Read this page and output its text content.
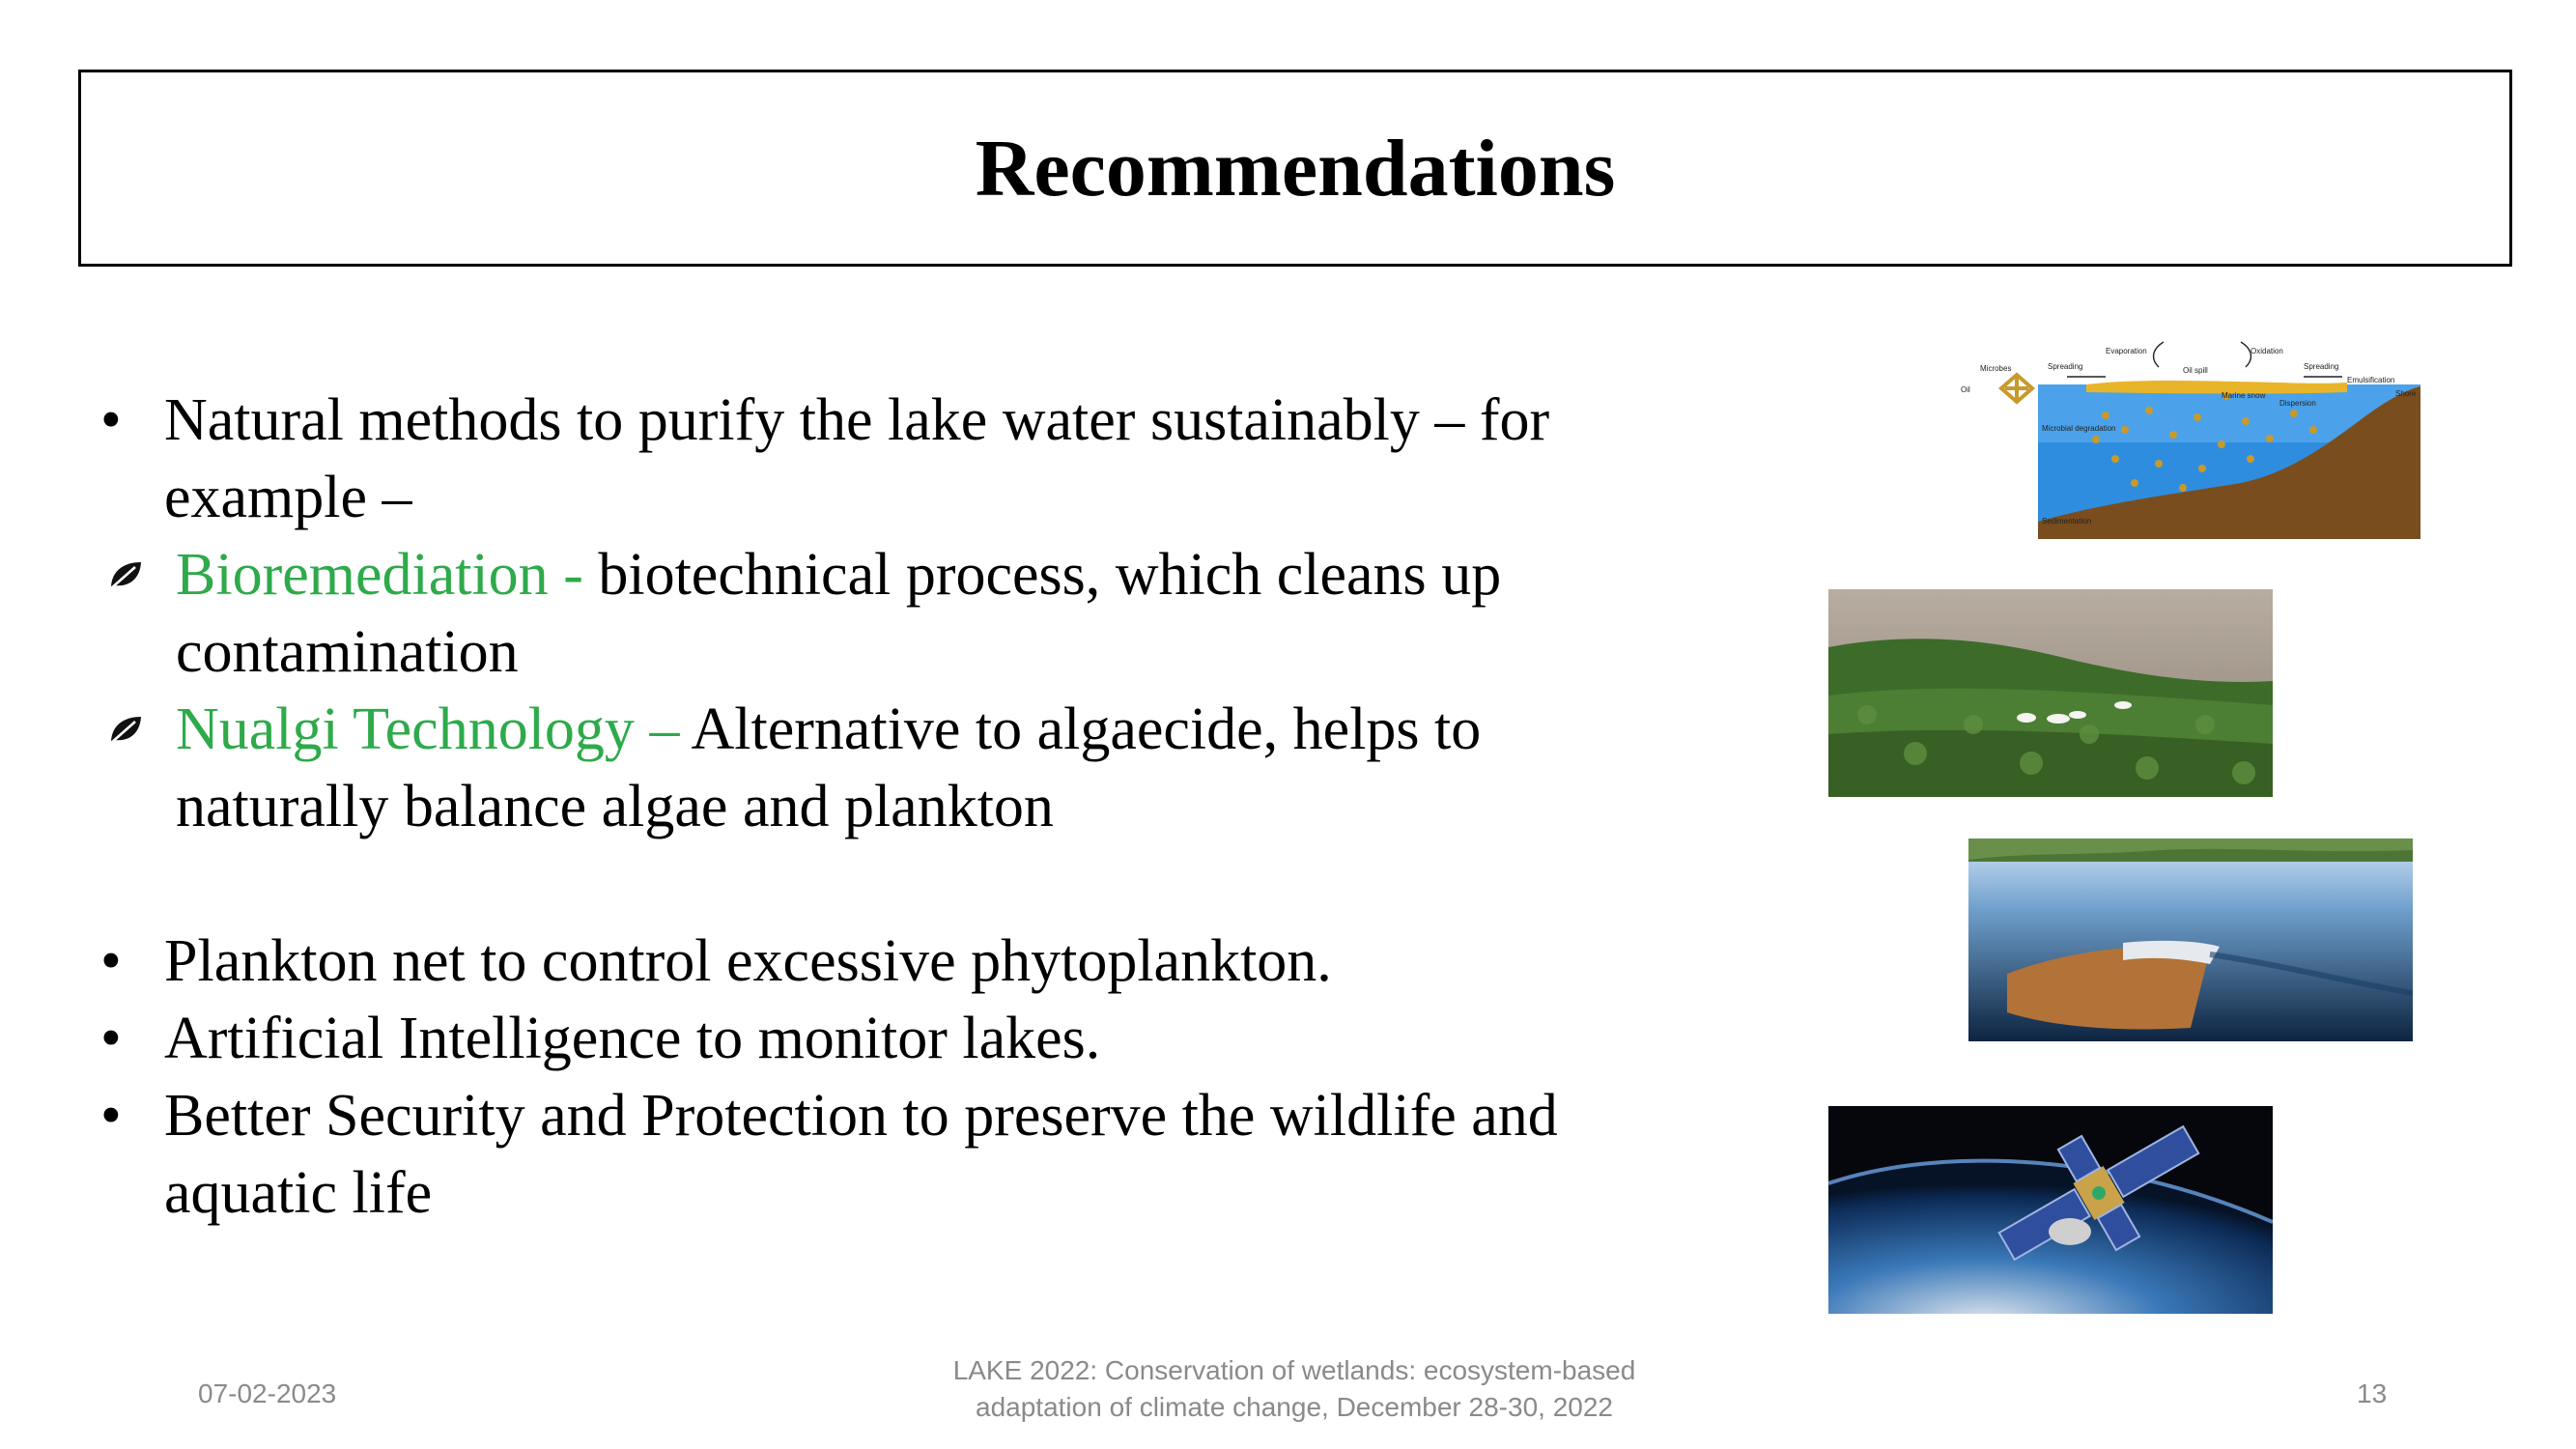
Recommendations

• Natural methods to purify the lake water sustainably – for
example –

Bioremediation - biotechnical process, which cleans up
contamination

Nualgi Technology – Alternative to algaecide, helps to
naturally balance algae and plankton

• Plankton net to control excessive phytoplankton.

• Artificial Intelligence to monitor lakes.

• Better Security and Protection to preserve the wildlife and
aquatic life

Evaporation	Oxidation
Microbes	Spreading	Oil spill	Spreading
Emulsification
Oil
Marine snow
Dispersion
Shore
Microbial degradation
Sedimentation
07-02-2023
LAKE 2022: Conservation of wetlands: ecosystem-based
adaptation of climate change, December 28-30, 2022	13
